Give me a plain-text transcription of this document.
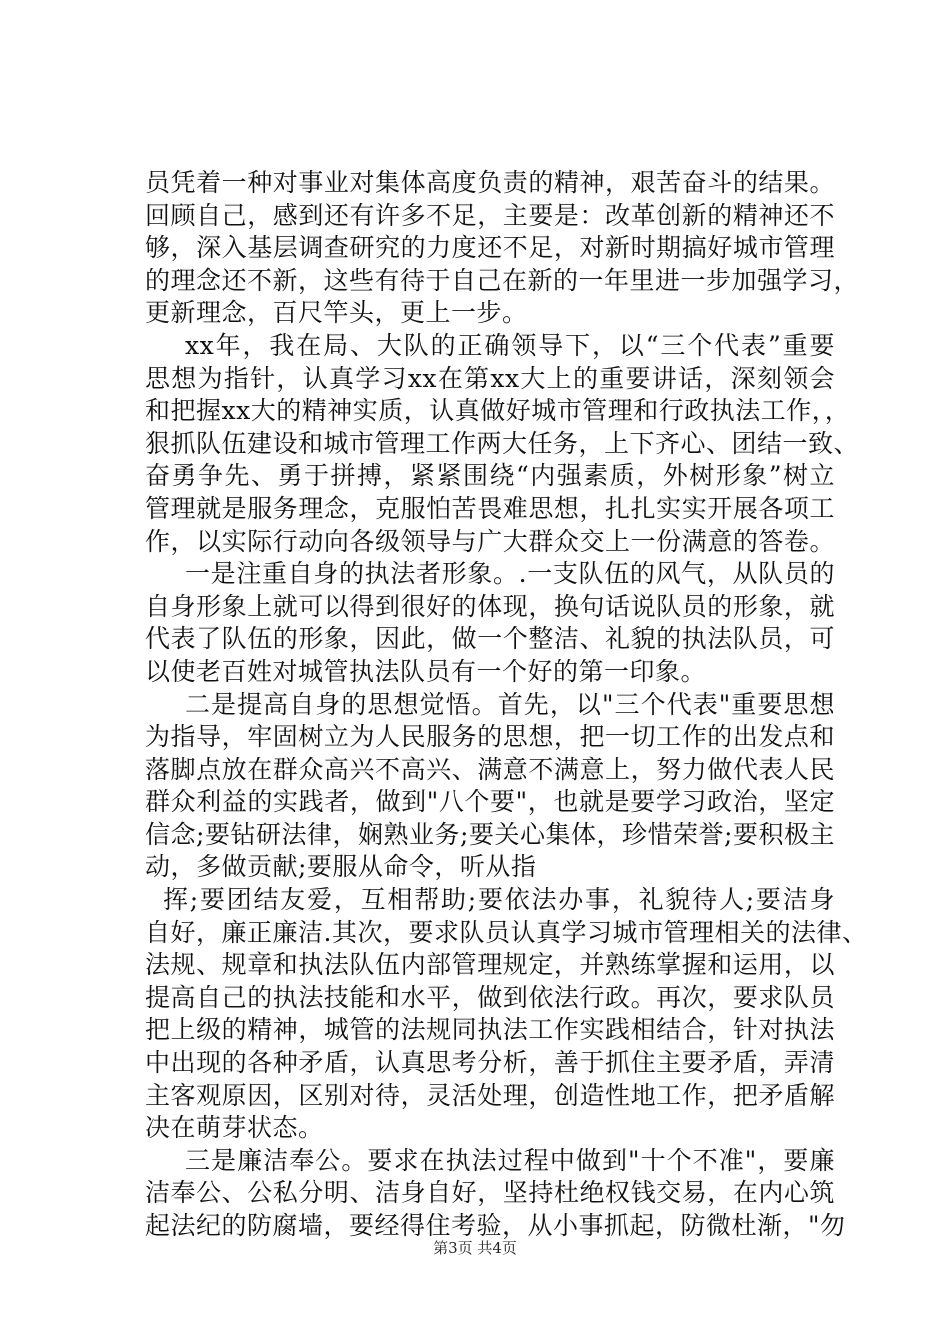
员凭着一种对事业对集体高度负责的精神，艰苦奋斗的结果。
回顾自己，感到还有许多不足，主要是：改革创新的精神还不
够，深入基层调查研究的力度还不足，对新时期搞好城市管理
的理念还不新，这些有待于自己在新的一年里进一步加强学习，
更新理念，百尺竿头，更上一步。
xx年，我在局、大队的正确领导下，以“三个代表”重要
思想为指针，认真学习xx在第xx大上的重要讲话，深刻领会
和把握xx大的精神实质，认真做好城市管理和行政执法工作，，
狠抓队伍建设和城市管理工作两大任务，上下齐心、团结一致、
奋勇争先、勇于拼搏，紧紧围绕“内强素质，外树形象”树立
管理就是服务理念，克服怕苦畏难思想，扎扎实实开展各项工
作，以实际行动向各级领导与广大群众交上一份满意的答卷。
一是注重自身的执法者形象。.一支队伍的风气，从队员的
自身形象上就可以得到很好的体现，换句话说队员的形象，就
代表了队伍的形象，因此，做一个整洁、礼貌的执法队员，可
以使老百姓对城管执法队员有一个好的第一印象。
二是提高自身的思想觉悟。首先，以"三个代表"重要思想
为指导，牢固树立为人民服务的思想，把一切工作的出发点和
落脚点放在群众高兴不高兴、满意不满意上，努力做代表人民
群众利益的实践者，做到"八个要"，也就是要学习政治，坚定
信念;要钻研法律，娴熟业务;要关心集体，珍惜荣誉;要积极主
动，多做贡献;要服从命令，听从指
挥;要团结友爱，互相帮助;要依法办事，礼貌待人;要洁身
自好，廉正廉洁.其次，要求队员认真学习城市管理相关的法律、
法规、规章和执法队伍内部管理规定，并熟练掌握和运用，以
提高自己的执法技能和水平，做到依法行政。再次，要求队员
把上级的精神，城管的法规同执法工作实践相结合，针对执法
中出现的各种矛盾，认真思考分析，善于抓住主要矛盾，弄清
主客观原因，区别对待，灵活处理，创造性地工作，把矛盾解
决在萌芽状态。
三是廉洁奉公。要求在执法过程中做到"十个不准"，要廉
洁奉公、公私分明、洁身自好，坚持杜绝权钱交易，在内心筑
起法纪的防腐墙，要经得住考验，从小事抓起，防微杜渐，"勿
第3页 共4页
